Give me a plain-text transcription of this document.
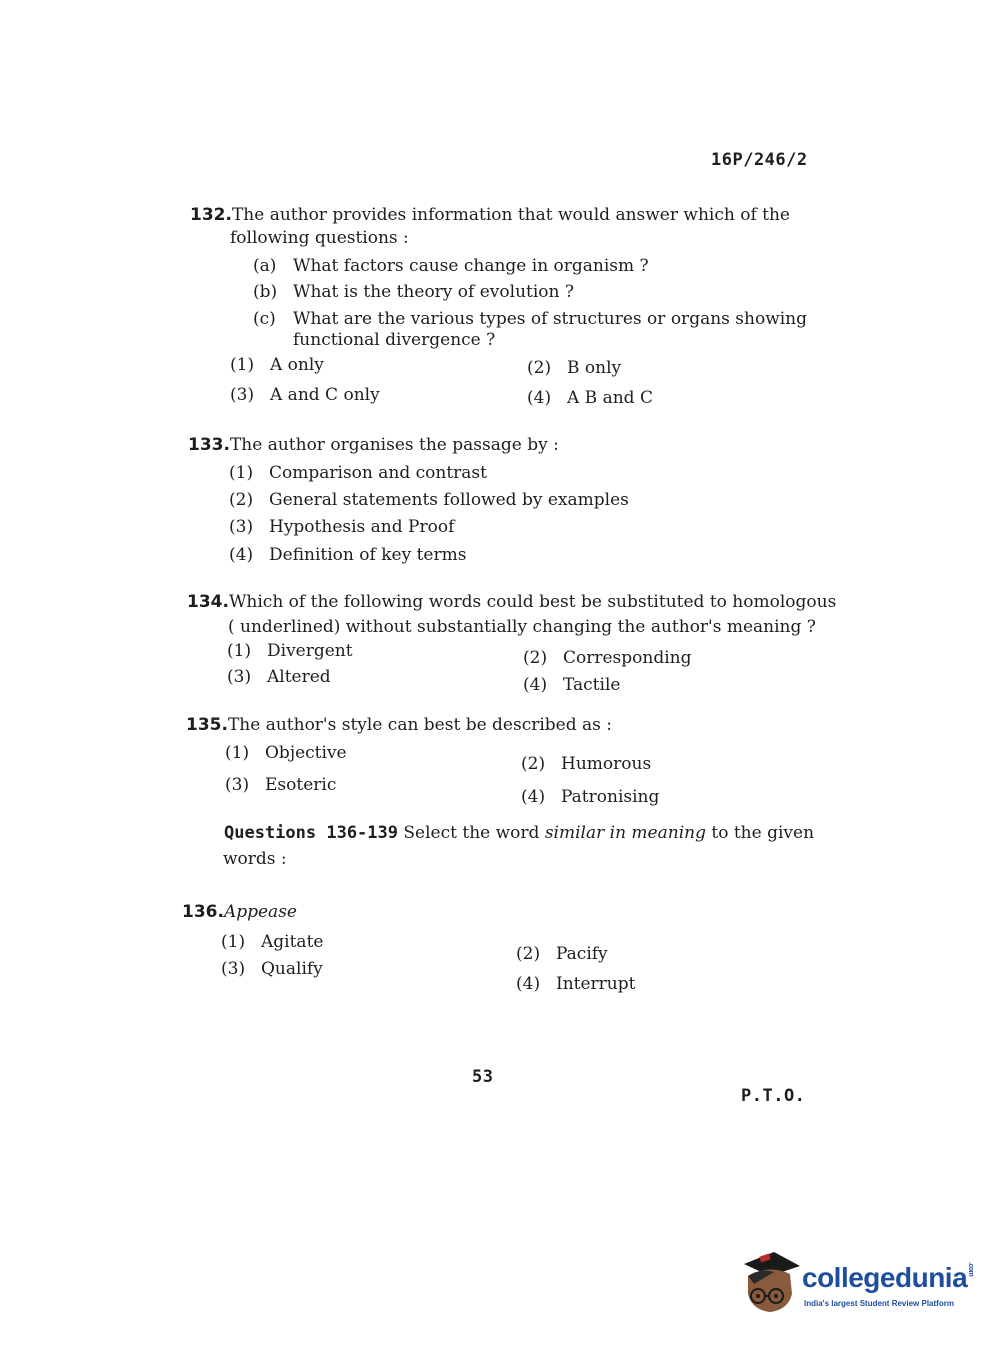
16P/246/2
132.The author provides information that would answer which of the
following questions :
(a) What factors cause change in organism ?
(b) What is the theory of evolution ?
(c) What are the various types of structures or organs showing
functional divergence ?
(1) A only	(2) B only
(3) A and C only	(4) A B and C
133.The author organises the passage by :
(1) Comparison and contrast
(2) General statements followed by examples
(3) Hypothesis and Proof
(4) Definition of key terms
134.Which of the following words could best be substituted to homologous
( underlined) without substantially changing the author's meaning ?
(1) Divergent	(2) Corresponding
(3) Altered	(4) Tactile
135.The author's style can best be described as :
(1) Objective
(2) Humorous
(3) Esoteric
(4) Patronising
Questions 136-139 Select the word similar in meaning to the given
words :
136.Appease
(1) Agitate
(2) Pacify
(3) Qualify
(4) Interrupt
53
P.T.O.
collegedunia.com
India's largest Student Review Platform
